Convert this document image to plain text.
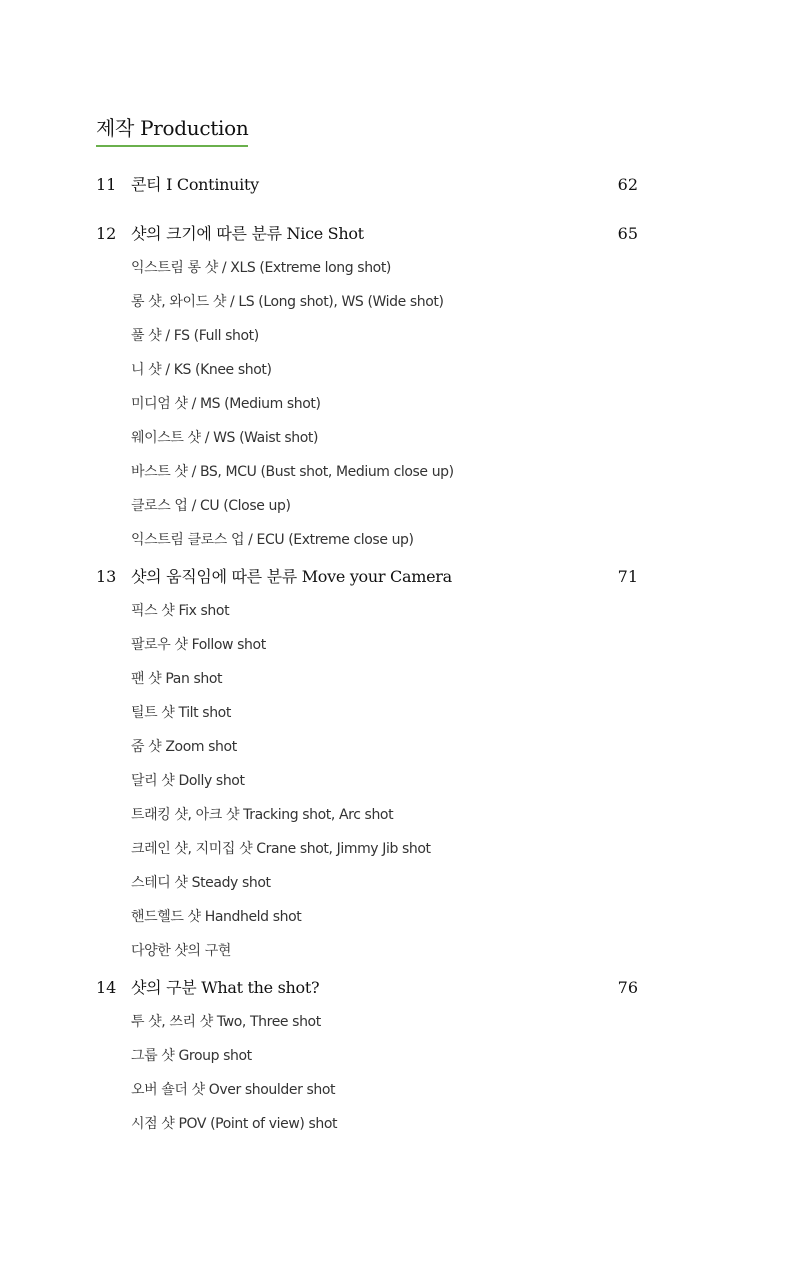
제작 Production
11 콘티 I Continuity	62
12 샷의 크기에 따른 분류 Nice Shot	65
익스트림 롱 샷 / XLS (Extreme long shot)
롱 샷, 와이드 샷 / LS (Long shot), WS (Wide shot)
풀 샷 / FS (Full shot)
니 샷 / KS (Knee shot)
미디엄 샷 / MS (Medium shot)
웨이스트 샷 / WS (Waist shot)
바스트 샷 / BS, MCU (Bust shot, Medium close up)
클로스 업 / CU (Close up)
익스트림 클로스 업 / ECU (Extreme close up)
13 샷의 움직임에 따른 분류 Move your Camera	71
픽스 샷 Fix shot
팔로우 샷 Follow shot
팬 샷 Pan shot
틸트 샷 Tilt shot
줌 샷 Zoom shot
달리 샷 Dolly shot
트래킹 샷, 아크 샷 Tracking shot, Arc shot
크레인 샷, 지미집 샷 Crane shot, Jimmy Jib shot
스테디 샷 Steady shot
핸드헬드 샷 Handheld shot
다양한 샷의 구현
14 샷의 구분 What the shot?	76
투 샷, 쓰리 샷 Two, Three shot
그룹 샷 Group shot
오버 숄더 샷 Over shoulder shot
시점 샷 POV (Point of view) shot
